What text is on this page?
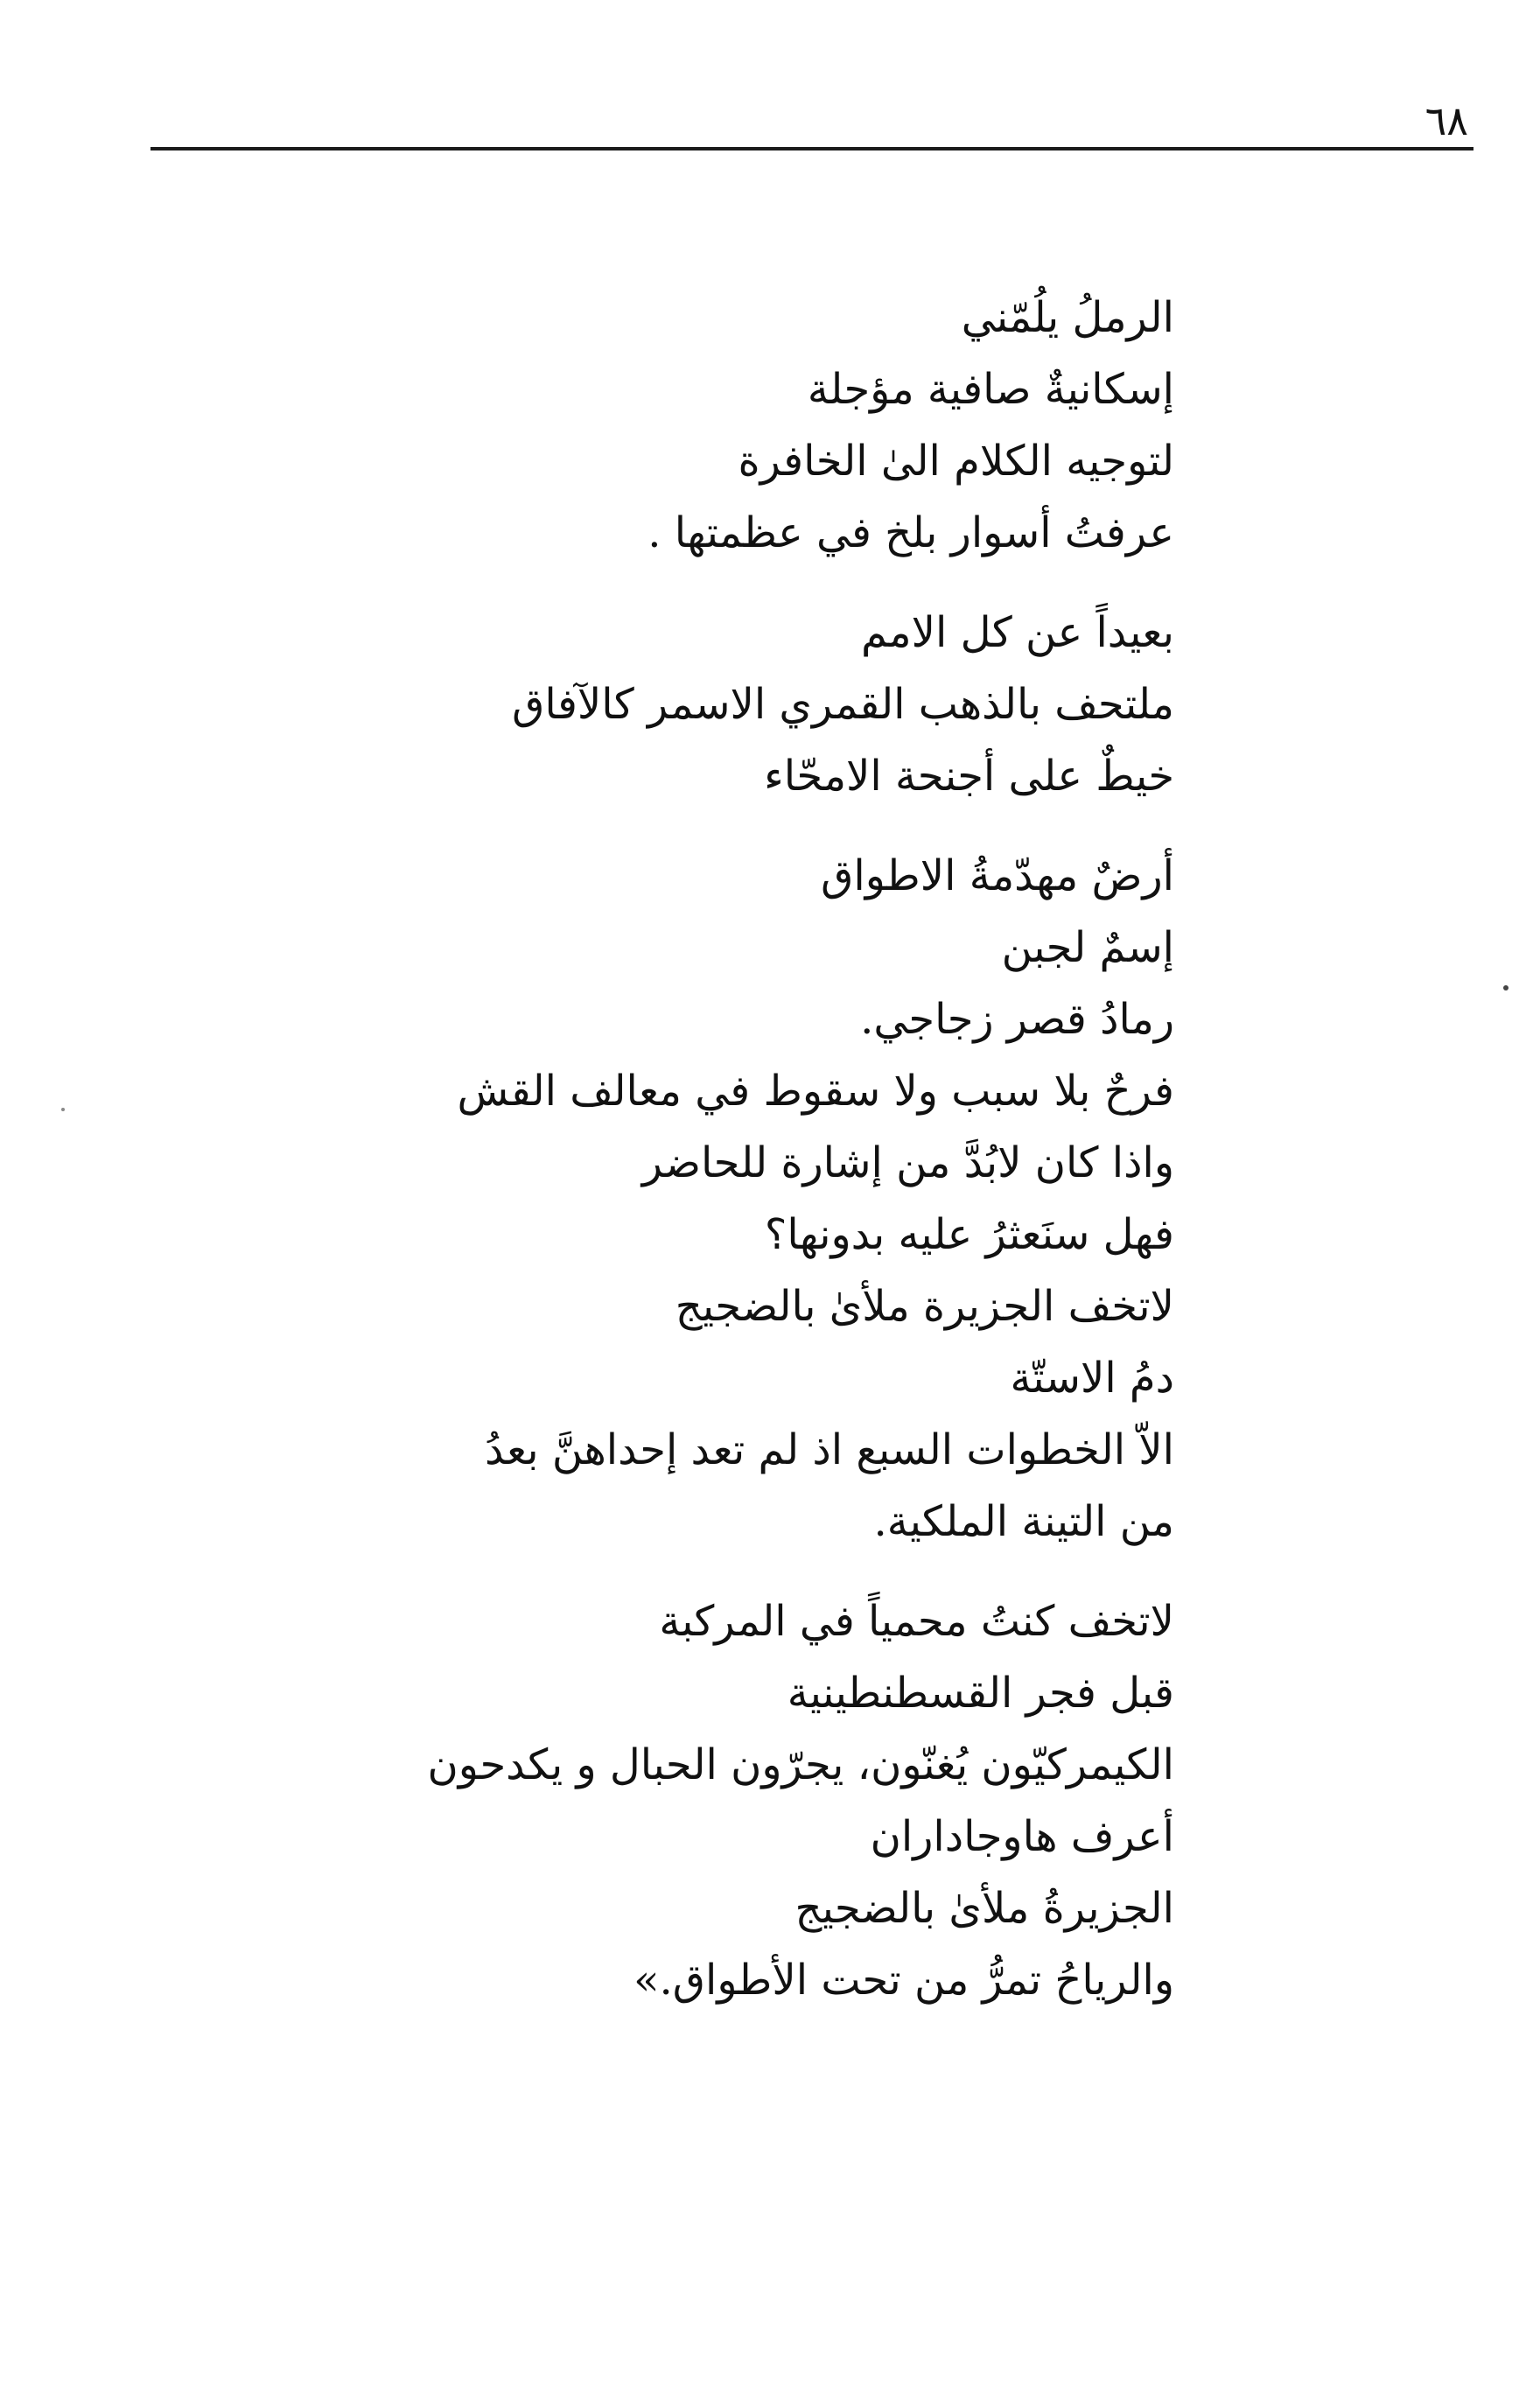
٦٨
الرملُ يلُمّني
إسكانيةٌ صافية مؤجلة
لتوجيه الكلام الىٰ الخافرة
عرفتُ أسوار بلخ في عظمتها .
بعيداً عن كل الامم
ملتحف بالذهب القمري الاسمر كالآفاق
خيطٌ على أجنحة الامحّاء
أرضٌ مهدّمةُ الاطواق
إسمٌ لجبن
رمادُ قصر زجاجي.
فرحٌ بلا سبب ولا سقوط في معالف القش
واذا كان لابُدَّ من إشارة للحاضر
فهل سنَعثرُ عليه بدونها؟
لاتخف الجزيرة ملأىٰ بالضجيج
دمُ الاستّة
الاّ الخطوات السبع اذ لم تعد إحداهنَّ بعدُ
من التينة الملكية.
لاتخف كنتُ محمياً في المركبة
قبل فجر القسطنطينية
الكيمركيّون يُغنّون، يجرّون الحبال و يكدحون
أعرف هاوجاداران
الجزيرةُ ملأىٰ بالضجيج
والرياحُ تمرُّ من تحت الأطواق.»
